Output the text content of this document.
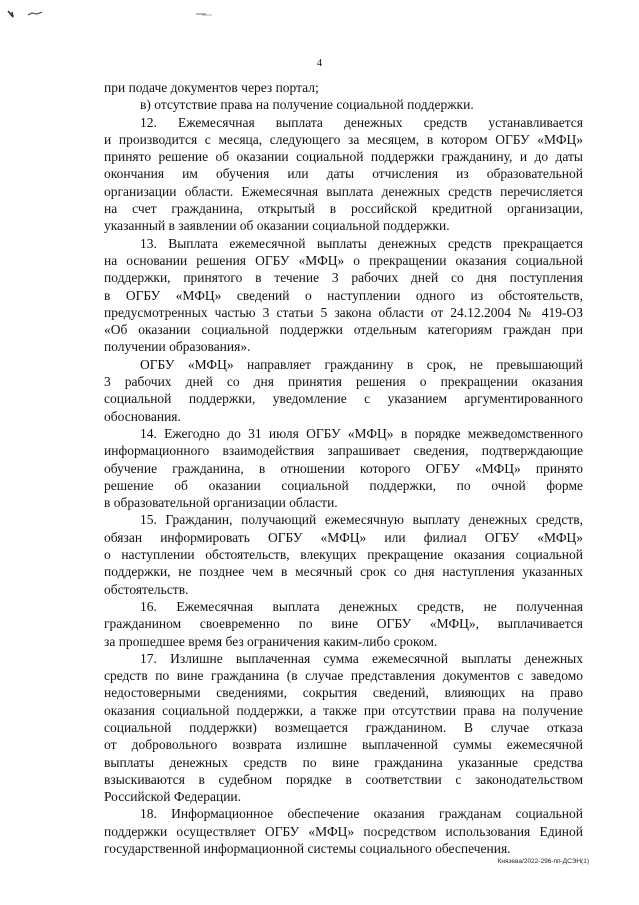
4
при подаче документов через портал;
в) отсутствие права на получение социальной поддержки.
12. Ежемесячная выплата денежных средств устанавливается
и производится с месяца, следующего за месяцем, в котором ОГБУ «МФЦ»
принято решение об оказании социальной поддержки гражданину, и до даты
окончания им обучения или даты отчисления из образовательной
организации области. Ежемесячная выплата денежных средств перечисляется
на счет гражданина, открытый в российской кредитной организации,
указанный в заявлении об оказании социальной поддержки.
13. Выплата ежемесячной выплаты денежных средств прекращается
на основании решения ОГБУ «МФЦ» о прекращении оказания социальной
поддержки, принятого в течение 3 рабочих дней со дня поступления
в ОГБУ «МФЦ» сведений о наступлении одного из обстоятельств,
предусмотренных частью 3 статьи 5 закона области от 24.12.2004 № 419-ОЗ
«Об оказании социальной поддержки отдельным категориям граждан при
получении образования».
ОГБУ «МФЦ» направляет гражданину в срок, не превышающий
3 рабочих дней со дня принятия решения о прекращении оказания
социальной поддержки, уведомление с указанием аргументированного
обоснования.
14. Ежегодно до 31 июля ОГБУ «МФЦ» в порядке межведомственного
информационного взаимодействия запрашивает сведения, подтверждающие
обучение гражданина, в отношении которого ОГБУ «МФЦ» принято
решение об оказании социальной поддержки, по очной форме
в образовательной организации области.
15. Гражданин, получающий ежемесячную выплату денежных средств,
обязан информировать ОГБУ «МФЦ» или филиал ОГБУ «МФЦ»
о наступлении обстоятельств, влекущих прекращение оказания социальной
поддержки, не позднее чем в месячный срок со дня наступления указанных
обстоятельств.
16. Ежемесячная выплата денежных средств, не полученная
гражданином своевременно по вине ОГБУ «МФЦ», выплачивается
за прошедшее время без ограничения каким-либо сроком.
17. Излишне выплаченная сумма ежемесячной выплаты денежных
средств по вине гражданина (в случае представления документов с заведомо
недостоверными сведениями, сокрытия сведений, влияющих на право
оказания социальной поддержки, а также при отсутствии права на получение
социальной поддержки) возмещается гражданином. В случае отказа
от добровольного возврата излишне выплаченной суммы ежемесячной
выплаты денежных средств по вине гражданина указанные средства
взыскиваются в судебном порядке в соответствии с законодательством
Российской Федерации.
18. Информационное обеспечение оказания гражданам социальной
поддержки осуществляет ОГБУ «МФЦ» посредством использования Единой
государственной информационной системы социального обеспечения.
Князева/2022-296-пп-ДСЭН(1)
